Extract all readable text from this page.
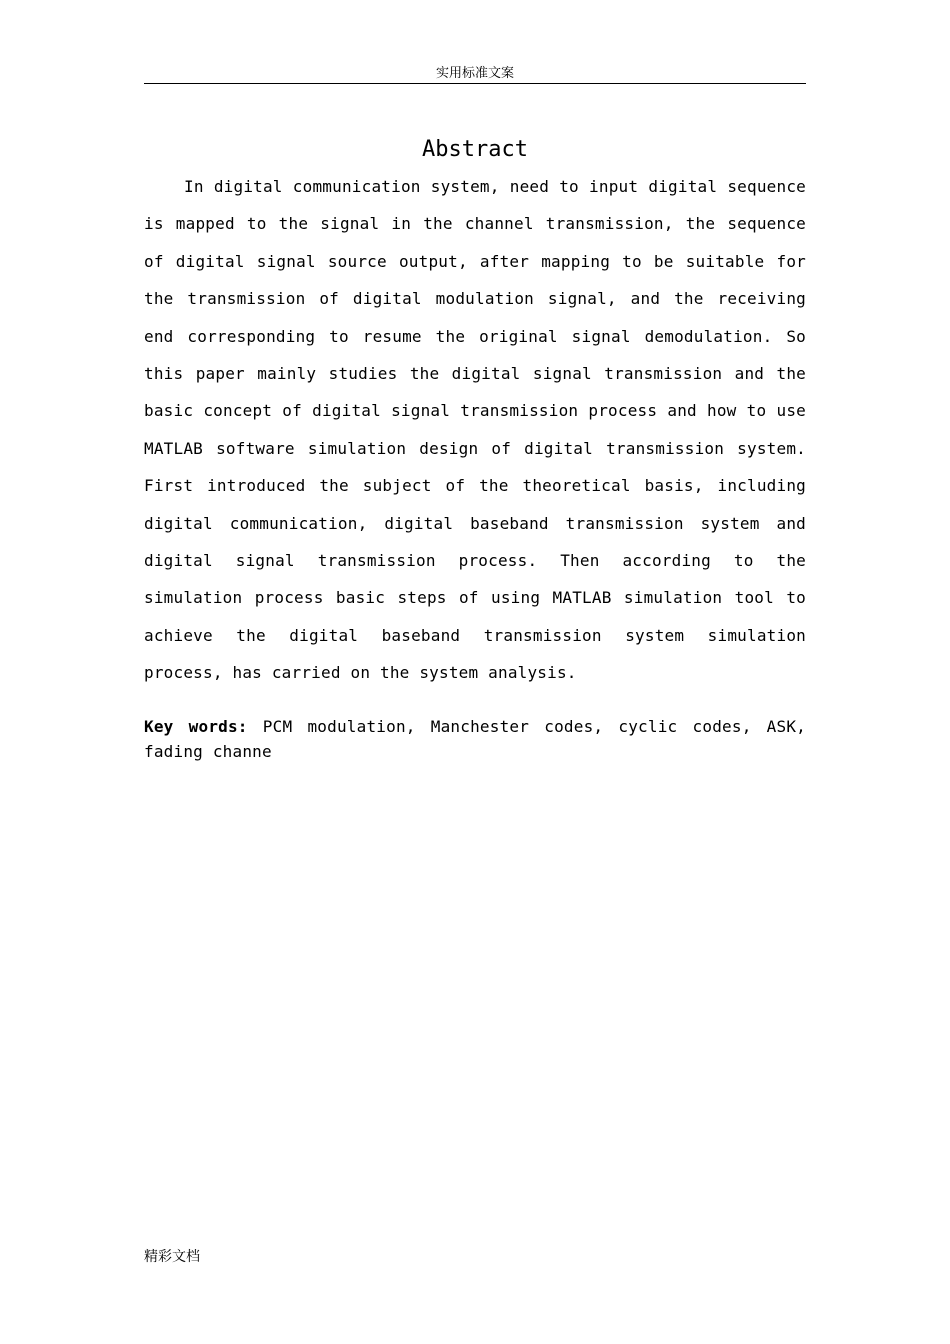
实用标准文案
Abstract

In digital communication system, need to input digital sequence is mapped to the signal in the channel transmission, the sequence of digital signal source output, after mapping to be suitable for the transmission of digital modulation signal, and the receiving end corresponding to resume the original signal demodulation. So this paper mainly studies the digital signal transmission and the basic concept of digital signal transmission process and how to use MATLAB software simulation design of digital transmission system. First introduced the subject of the theoretical basis, including digital communication, digital baseband transmission system and digital signal transmission process. Then according to the simulation process basic steps of using MATLAB simulation tool to achieve the digital baseband transmission system simulation process, has carried on the system analysis.

Key words: PCM modulation, Manchester codes, cyclic codes, ASK, fading channe

精彩文档
